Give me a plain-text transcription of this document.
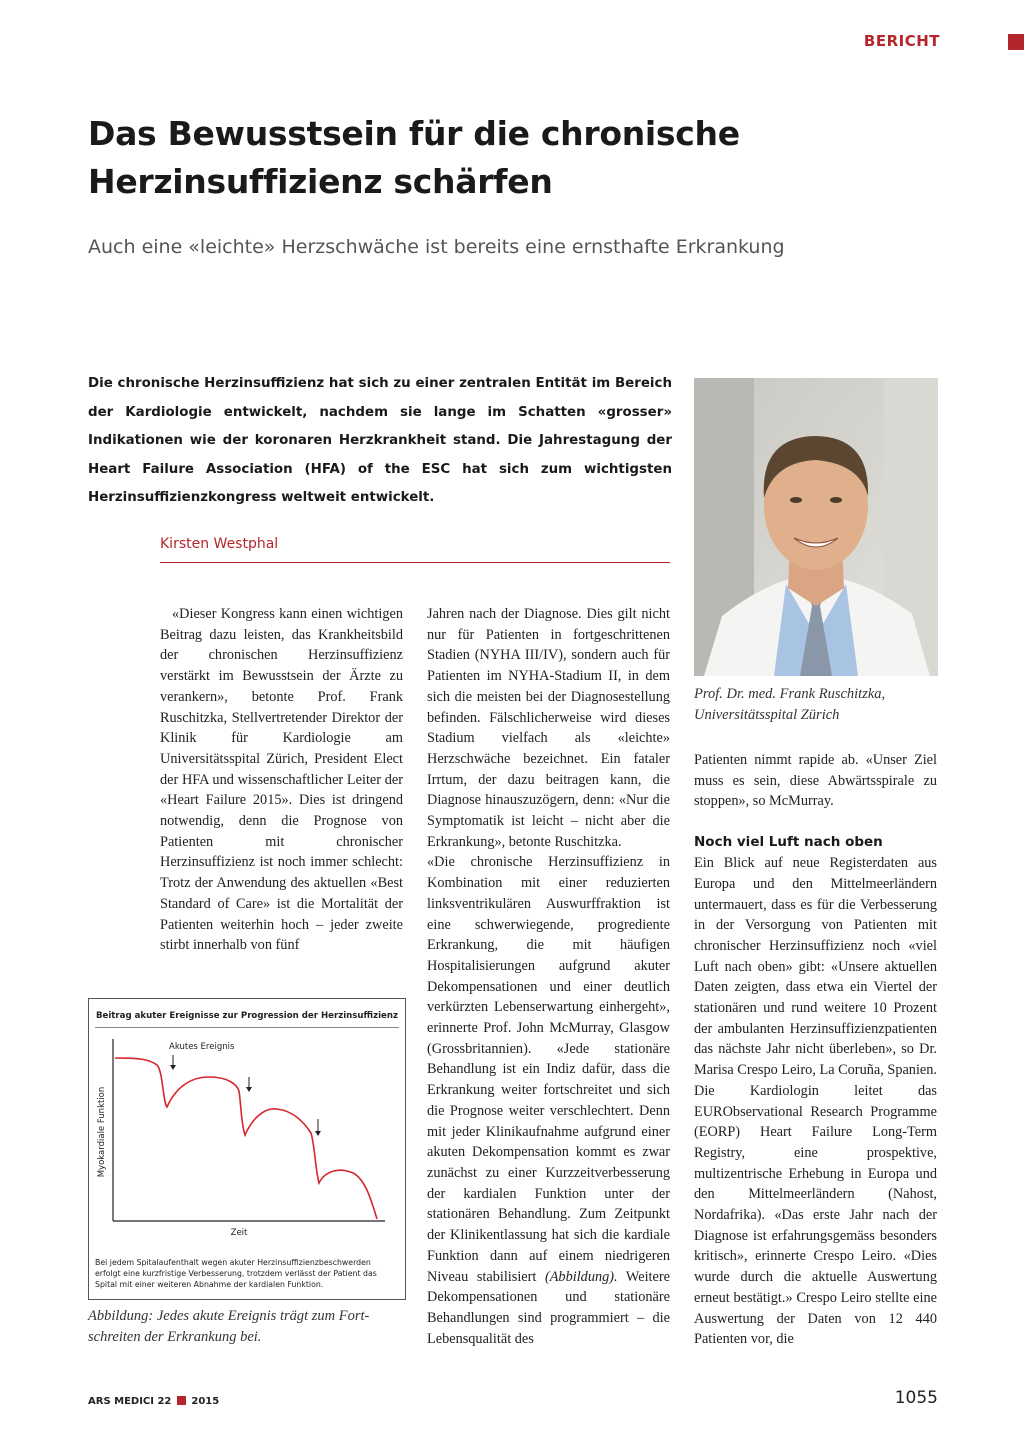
BERICHT
Das Bewusstsein für die chronische
Herzinsuffizienz schärfen
Auch eine «leichte» Herzschwäche ist bereits eine ernsthafte Erkrankung

Die chronische Herzinsuffizienz hat sich zu einer zentralen Entität im Bereich der Kardiologie entwickelt, nachdem sie lange im Schatten «grosser» Indikationen wie der koronaren Herzkrankheit stand. Die Jahrestagung der Heart Failure Association (HFA) of the ESC hat sich zum wichtigsten Herzinsuffizienzkongress weltweit entwickelt.

Kirsten Westphal
Prof. Dr. med. Frank Ruschitzka,
Universitätsspital Zürich

«Dieser Kongress kann einen wichtigen Beitrag dazu leisten, das Krankheitsbild der chronischen Herzinsuffizienz verstärkt im Bewusstsein der Ärzte zu verankern», betonte Prof. Frank Ruschitzka, Stellvertretender Direktor der Klinik für Kardiologie am Universitätsspital Zürich, President Elect der HFA und wissenschaftlicher Leiter der «Heart Failure 2015». Dies ist dringend notwendig, denn die Prognose von Patienten mit chronischer Herzinsuffizienz ist noch immer schlecht: Trotz der Anwendung des aktuellen «Best Standard of Care» ist die Mortalität der Patienten weiterhin hoch – jeder zweite stirbt innerhalb von fünf

Jahren nach der Diagnose. Dies gilt nicht nur für Patienten in fortgeschrittenen Stadien (NYHA III/IV), sondern auch für Patienten im NYHA-Stadium II, in dem sich die meisten bei der Diagnosestellung befinden. Fälschlicherweise wird dieses Stadium vielfach als «leichte» Herzschwäche bezeichnet. Ein fataler Irrtum, der dazu beitragen kann, die Diagnose hinauszuzögern, denn: «Nur die Symptomatik ist leicht – nicht aber die Erkrankung», betonte Ruschitzka.

«Die chronische Herzinsuffizienz in Kombination mit einer reduzierten linksventrikulären Auswurffraktion ist eine schwerwiegende, progrediente Erkrankung, die mit häufigen Hospitalisierungen aufgrund akuter Dekompensationen und einer deutlich verkürzten Lebenserwartung einhergeht», erinnerte Prof. John McMurray, Glasgow (Grossbritannien). «Jede stationäre Behandlung ist ein Indiz dafür, dass die Erkrankung weiter fortschreitet und sich die Prognose weiter verschlechtert. Denn mit jeder Klinikaufnahme aufgrund einer akuten Dekompensation kommt es zwar zunächst zu einer Kurzzeitverbesserung der kardialen Funktion unter der stationären Behandlung. Zum Zeitpunkt der Klinikentlassung hat sich die kardiale Funktion dann auf einem niedrigeren Niveau stabilisiert (Abbildung). Weitere Dekompensationen und stationäre Behandlungen sind programmiert – die Lebensqualität des

Patienten nimmt rapide ab. «Unser Ziel muss es sein, diese Abwärtsspirale zu stoppen», so McMurray.

Noch viel Luft nach oben

Ein Blick auf neue Registerdaten aus Europa und den Mittelmeerländern untermauert, dass es für die Verbesserung in der Versorgung von Patienten mit chronischer Herzinsuffizienz noch «viel Luft nach oben» gibt: «Unsere aktuellen Daten zeigten, dass etwa ein Viertel der stationären und rund weitere 10 Prozent der ambulanten Herzinsuffizienzpatienten das nächste Jahr nicht überleben», so Dr. Marisa Crespo Leiro, La Coruña, Spanien. Die Kardiologin leitet das EURObservational Research Programme (EORP) Heart Failure Long-Term Registry, eine prospektive, multizentrische Erhebung in Europa und den Mittelmeerländern (Nahost, Nordafrika). «Das erste Jahr nach der Diagnose ist erfahrungsgemäss besonders kritisch», erinnerte Crespo Leiro. «Dies wurde durch die aktuelle Auswertung erneut bestätigt.» Crespo Leiro stellte eine Auswertung der Daten von 12 440 Patienten vor, die

Beitrag akuter Ereignisse zur Progression der Herzinsuffizienz
Myokardiale Funktion
Zeit
Akutes Ereignis
Bei jedem Spitalaufenthalt wegen akuter Herzinsuffizienzbeschwerden erfolgt eine kurzfristige Verbesserung, trotzdem verlässt der Patient das Spital mit einer weiteren Abnahme der kardialen Funktion.
Abbildung: Jedes akute Ereignis trägt zum Fort-
schreiten der Erkrankung bei.
ARS MEDICI 22 2015	1055
